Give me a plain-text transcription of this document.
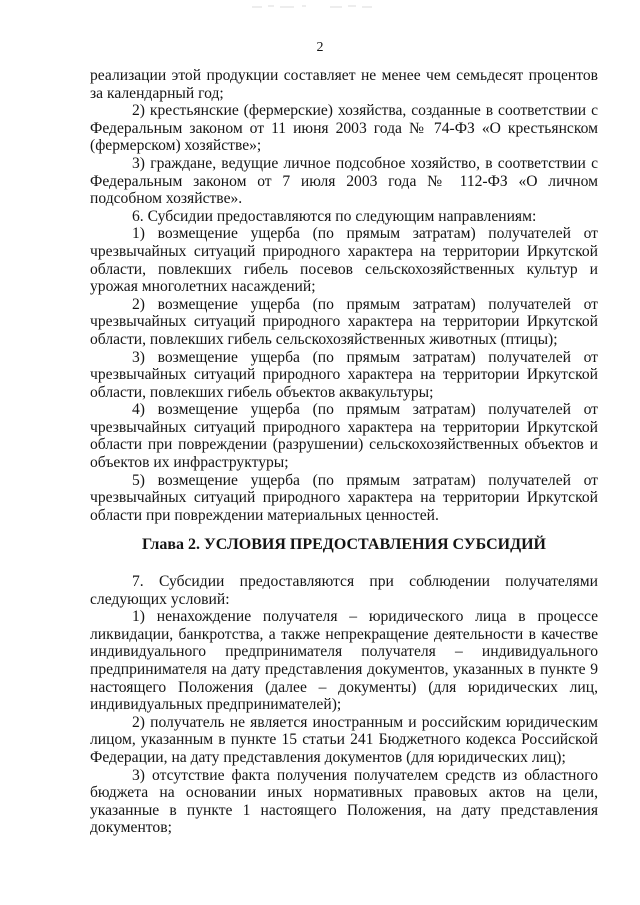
2

реализации этой продукции составляет не менее чем семьдесят процентов за календарный год;

2) крестьянские (фермерские) хозяйства, созданные в соответствии с Федеральным законом от 11 июня 2003 года № 74-ФЗ «О крестьянском (фермерском) хозяйстве»;

3) граждане, ведущие личное подсобное хозяйство, в соответствии с Федеральным законом от 7 июля 2003 года № 112-ФЗ «О личном подсобном хозяйстве».

6. Субсидии предоставляются по следующим направлениям:

1) возмещение ущерба (по прямым затратам) получателей от чрезвычайных ситуаций природного характера на территории Иркутской области, повлекших гибель посевов сельскохозяйственных культур и урожая многолетних насаждений;

2) возмещение ущерба (по прямым затратам) получателей от чрезвычайных ситуаций природного характера на территории Иркутской области, повлекших гибель сельскохозяйственных животных (птицы);

3) возмещение ущерба (по прямым затратам) получателей от чрезвычайных ситуаций природного характера на территории Иркутской области, повлекших гибель объектов аквакультуры;

4) возмещение ущерба (по прямым затратам) получателей от чрезвычайных ситуаций природного характера на территории Иркутской области при повреждении (разрушении) сельскохозяйственных объектов и объектов их инфраструктуры;

5) возмещение ущерба (по прямым затратам) получателей от чрезвычайных ситуаций природного характера на территории Иркутской области при повреждении материальных ценностей.

Глава 2. УСЛОВИЯ ПРЕДОСТАВЛЕНИЯ СУБСИДИЙ

7. Субсидии предоставляются при соблюдении получателями следующих условий:

1) ненахождение получателя – юридического лица в процессе ликвидации, банкротства, а также непрекращение деятельности в качестве индивидуального предпринимателя получателя – индивидуального предпринимателя на дату представления документов, указанных в пункте 9 настоящего Положения (далее – документы) (для юридических лиц, индивидуальных предпринимателей);

2) получатель не является иностранным и российским юридическим лицом, указанным в пункте 15 статьи 241 Бюджетного кодекса Российской Федерации, на дату представления документов (для юридических лиц);

3) отсутствие факта получения получателем средств из областного бюджета на основании иных нормативных правовых актов на цели, указанные в пункте 1 настоящего Положения, на дату представления документов;
